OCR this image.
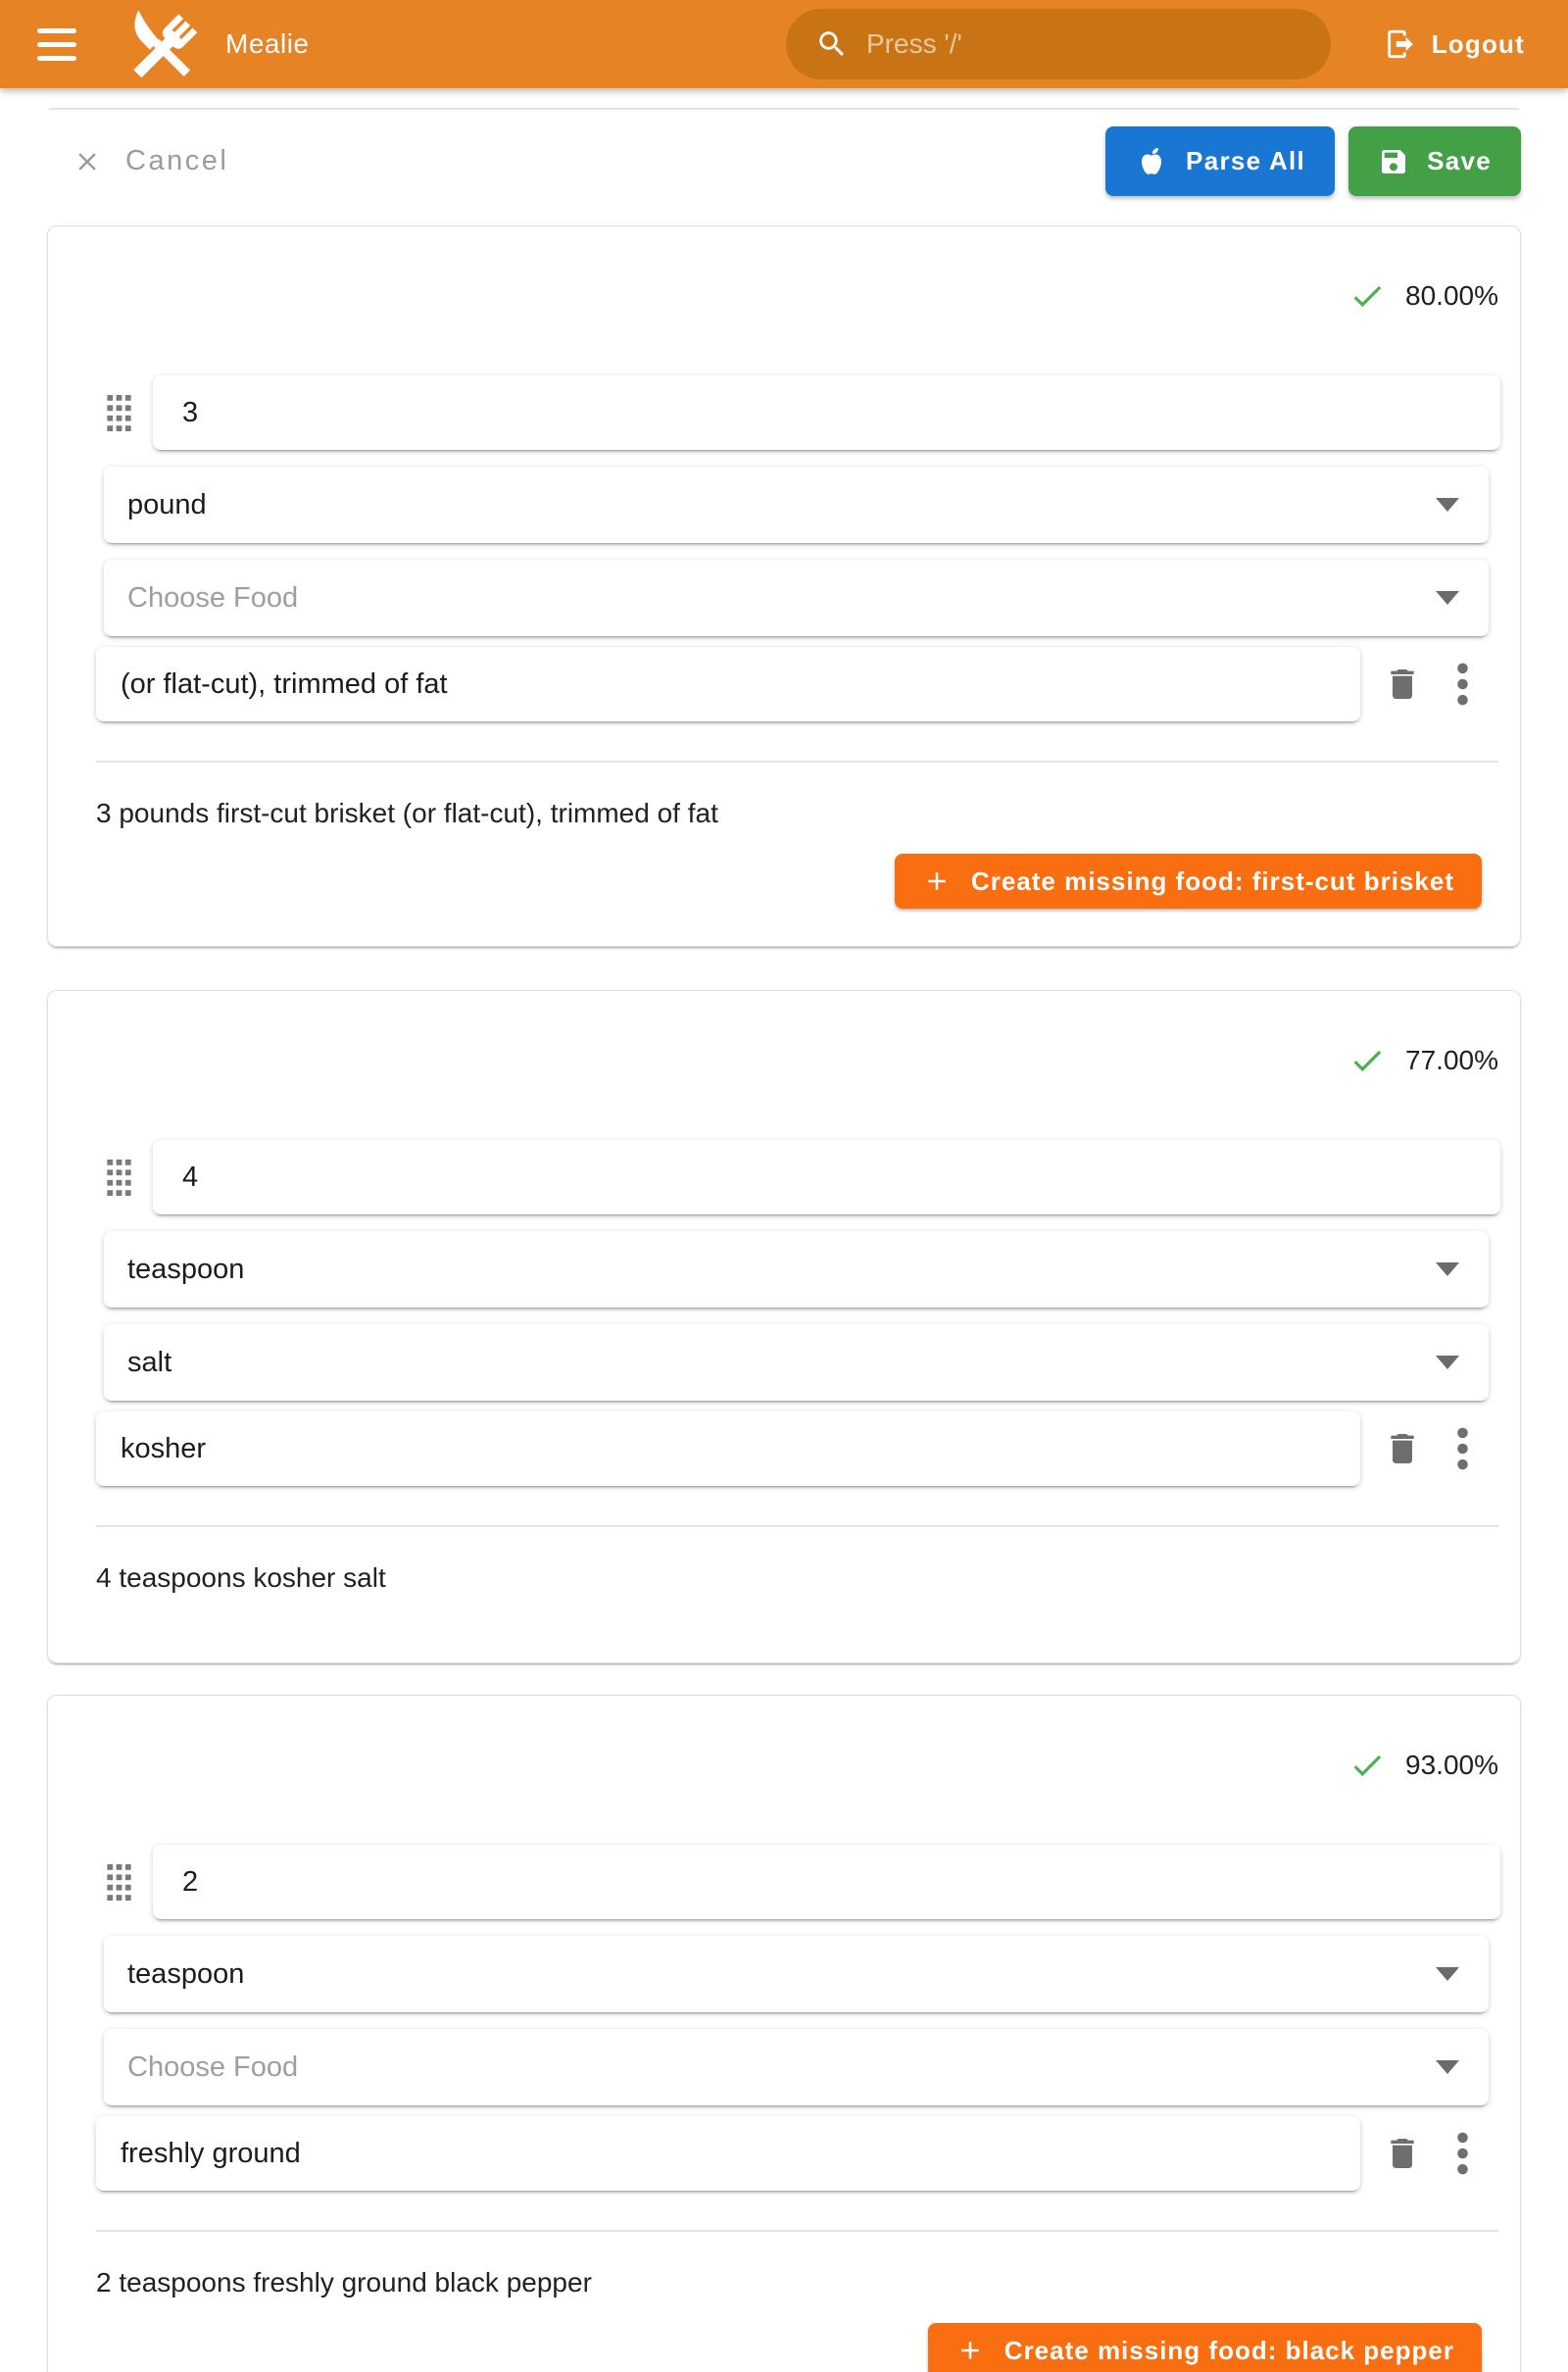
Mealie
Press '/'	Logout
Cancel	Parse All	Save
80.00%
3
pound
Choose Food
(or flat-cut), trimmed of fat

3 pounds first-cut brisket (or flat-cut), trimmed of fat

Create missing food: first-cut brisket
77.00%
4
teaspoon
salt
kosher

4 teaspoons kosher salt

93.00%
2
teaspoon
Choose Food
freshly ground

2 teaspoons freshly ground black pepper

Create missing food: black pepper
